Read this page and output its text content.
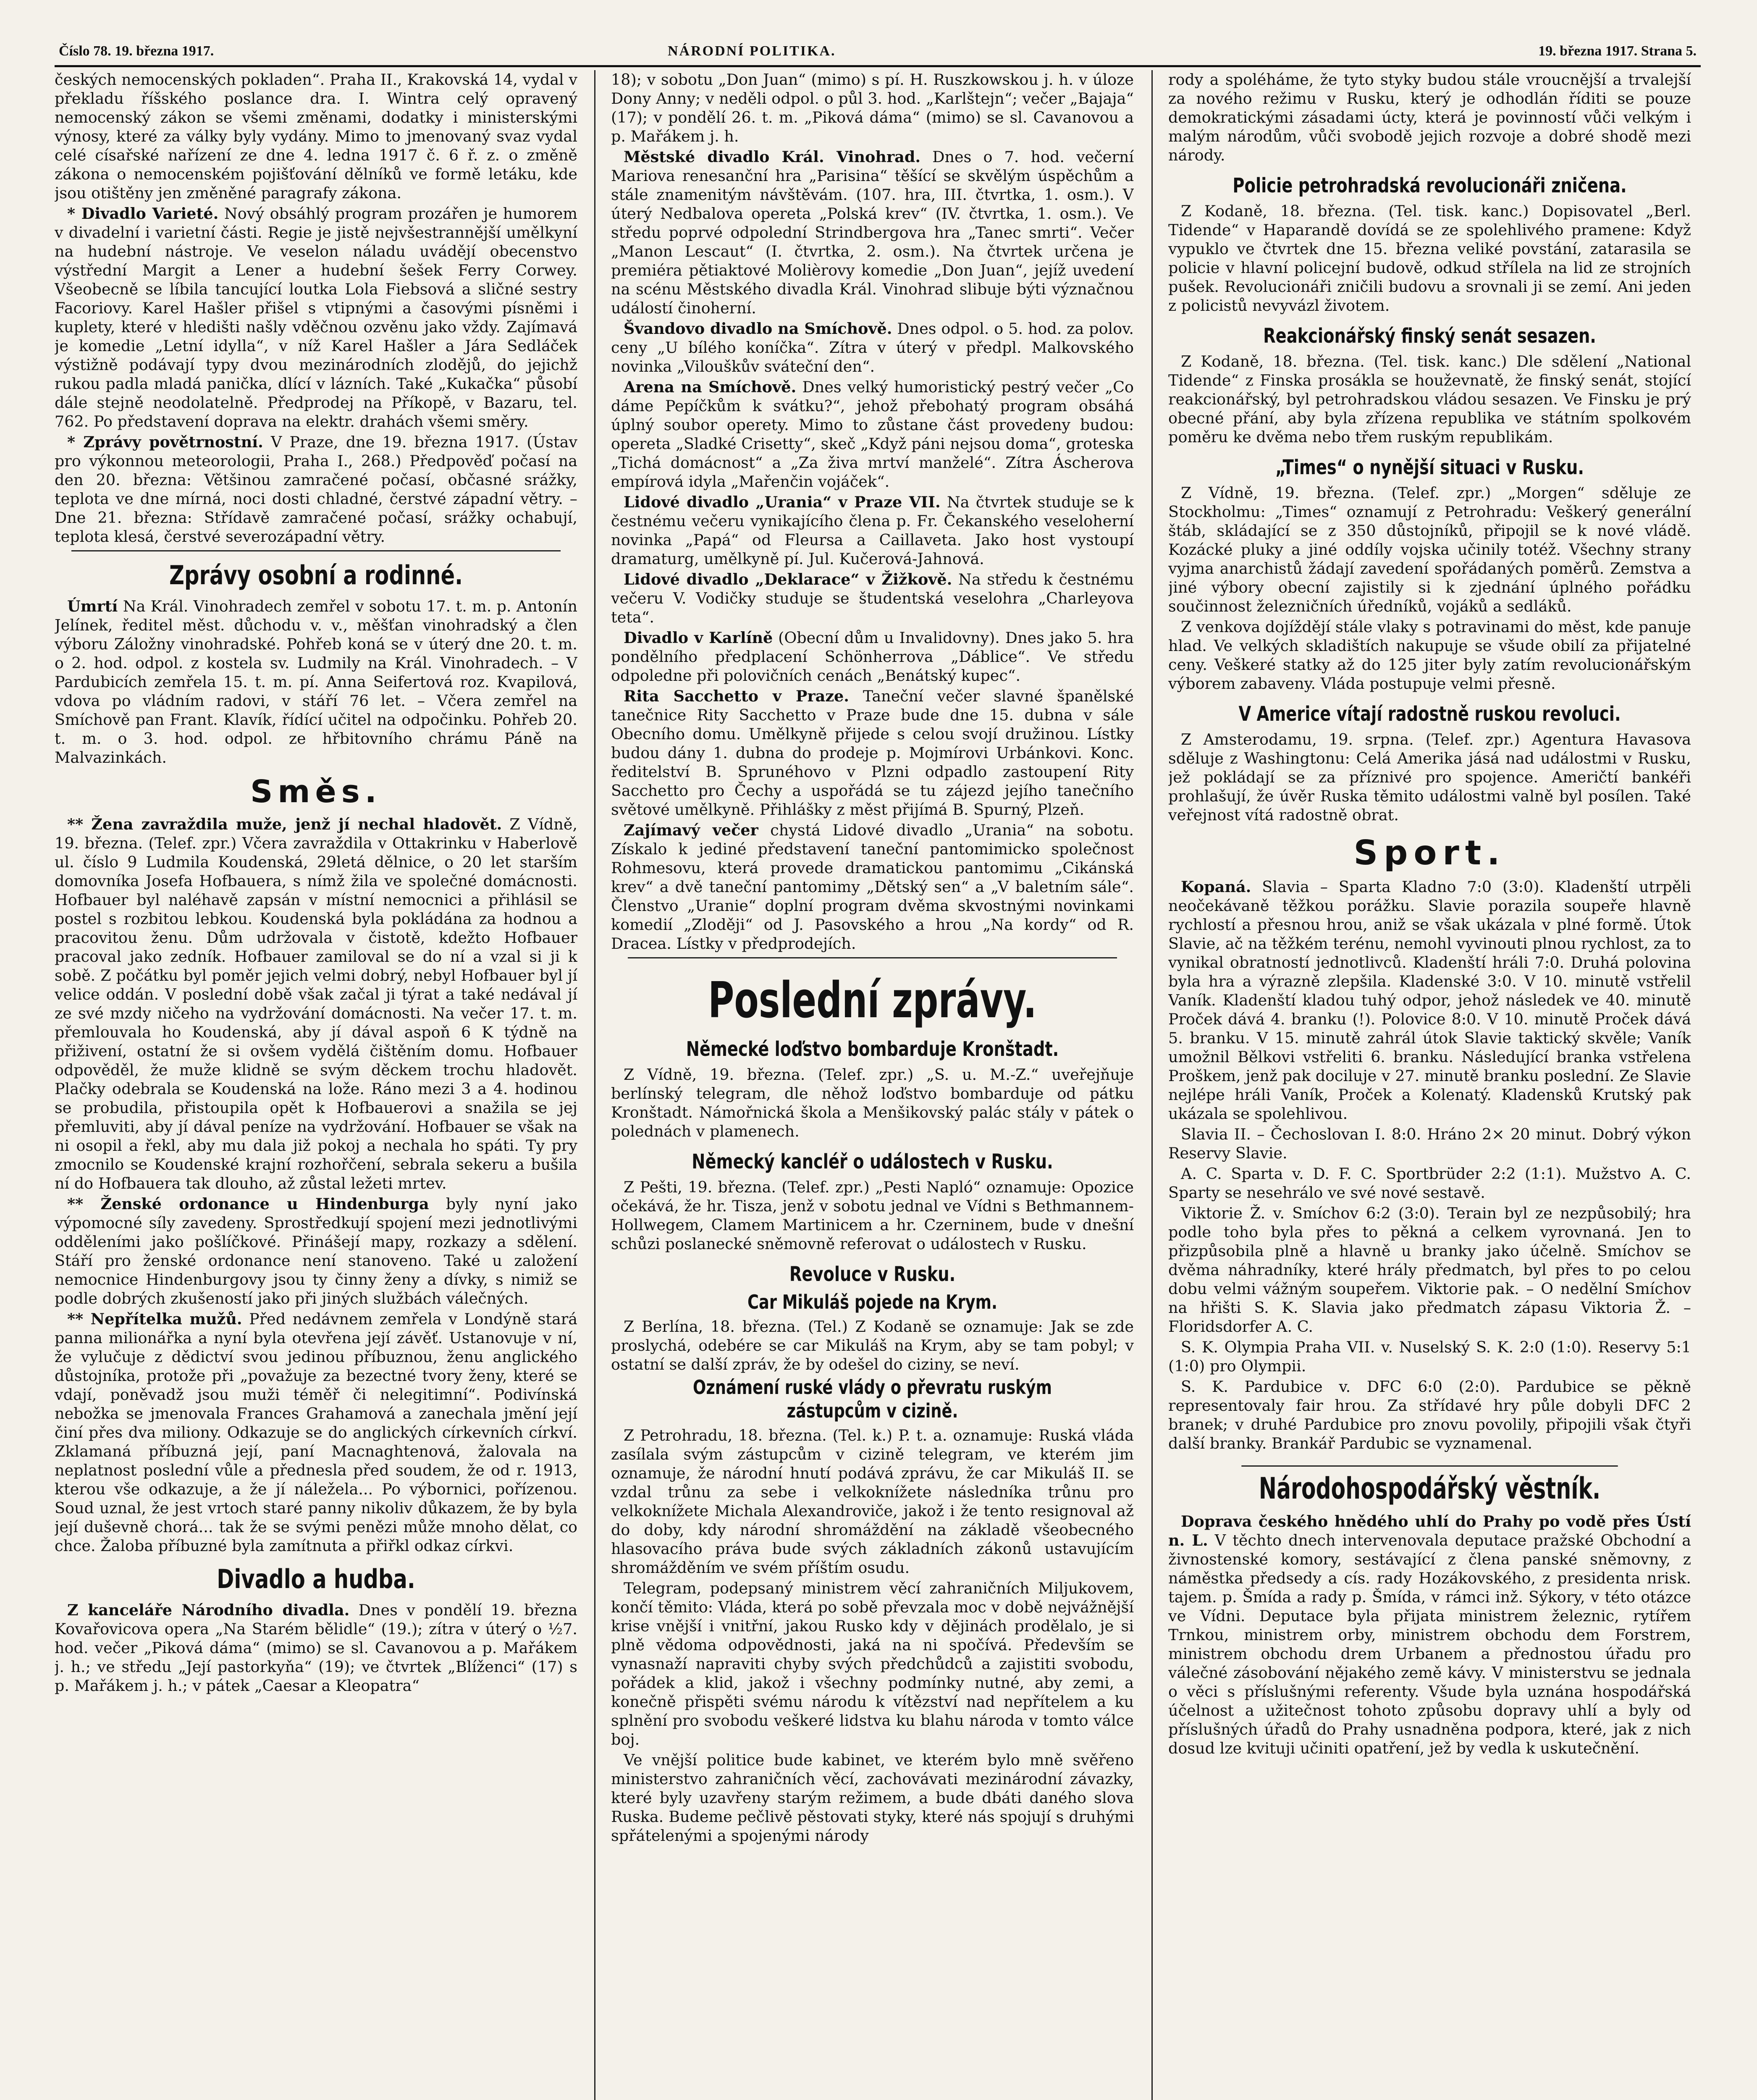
Číslo 78. 19. března 1917.	NÁRODNÍ POLITIKA.	19. března 1917. Strana 5.

českých nemocenských pokladen“. Praha II., Krakovská 14, vydal v překladu říšského poslance dra. I. Wintra celý opravený nemocenský zákon se všemi změnami, dodatky i ministerskými výnosy, které za války byly vydány. Mimo to jmenovaný svaz vydal celé císařské nařízení ze dne 4. ledna 1917 č. 6 ř. z. o změně zákona o nemocenském pojišťování dělníků ve formě letáku, kde jsou otištěny jen změněné paragrafy zákona.

* Divadlo Varieté. Nový obsáhlý program prozářen je humorem v divadelní i varietní části. Regie je jistě nejvšestrannější umělkyní na hudební nástroje. Ve veselon náladu uvádějí obecenstvo výstřední Margit a Lener a hudební šešek Ferry Corwey. Všeobecně se líbila tancující loutka Lola Fiebsová a sličné sestry Facoriovy. Karel Hašler přišel s vtipnými a časovými písněmi i kuplety, které v hledišti našly vděčnou ozvěnu jako vždy. Zajímavá je komedie „Letní idylla“, v níž Karel Hašler a Jára Sedláček výstižně podávají typy dvou mezinárodních zlodějů, do jejichž rukou padla mladá panička, dlící v lázních. Také „Kukačka“ působí dále stejně neodolatelně. Předprodej na Příkopě, v Bazaru, tel. 762. Po představení doprava na elektr. drahách všemi směry.

* Zprávy povětrnostní. V Praze, dne 19. března 1917. (Ústav pro výkonnou meteorologii, Praha I., 268.) Předpověď počasí na den 20. března: Většinou zamračené počasí, občasné srážky, teplota ve dne mírná, noci dosti chladné, čerstvé západní větry. – Dne 21. března: Střídavě zamračené počasí, srážky ochabují, teplota klesá, čerstvé severozápadní větry.

Zprávy osobní a rodinné.

Úmrtí Na Král. Vinohradech zemřel v sobotu 17. t. m. p. Antonín Jelínek, ředitel měst. důchodu v. v., měšťan vinohradský a člen výboru Záložny vinohradské. Pohřeb koná se v úterý dne 20. t. m. o 2. hod. odpol. z kostela sv. Ludmily na Král. Vinohradech. – V Pardubicích zemřela 15. t. m. pí. Anna Seifertová roz. Kvapilová, vdova po vládním radovi, v stáří 76 let. – Včera zemřel na Smíchově pan Frant. Klavík, řídící učitel na odpočinku. Pohřeb 20. t. m. o 3. hod. odpol. ze hřbitovního chrámu Páně na Malvazinkách.

Směs.

** Žena zavraždila muže, jenž jí nechal hladovět. Z Vídně, 19. března. (Telef. zpr.) Včera zavraždila v Ottakrinku v Haberlově ul. číslo 9 Ludmila Koudenská, 29letá dělnice, o 20 let starším domovníka Josefa Hofbauera, s nímž žila ve společné domácnosti. Hofbauer byl naléhavě zapsán v místní nemocnici a přihlásil se postel s rozbitou lebkou. Koudenská byla pokládána za hodnou a pracovitou ženu. Dům udržovala v čistotě, kdežto Hofbauer pracoval jako zedník. Hofbauer zamiloval se do ní a vzal si ji k sobě. Z počátku byl poměr jejich velmi dobrý, nebyl Hofbauer byl jí velice oddán. V poslední době však začal ji týrat a také nedával jí ze své mzdy ničeho na vydržování domácnosti. Na večer 17. t. m. přemlouvala ho Koudenská, aby jí dával aspoň 6 K týdně na přiživení, ostatní že si ovšem vydělá čištěním domu. Hofbauer odpověděl, že muže klidně se svým děckem trochu hladovět. Plačky odebrala se Koudenská na lože. Ráno mezi 3 a 4. hodinou se probudila, přistoupila opět k Hofbauerovi a snažila se jej přemluviti, aby jí dával peníze na vydržování. Hofbauer se však na ni osopil a řekl, aby mu dala již pokoj a nechala ho spáti. Ty pry zmocnilo se Koudenské krajní rozhořčení, sebrala sekeru a bušila ní do Hofbauera tak dlouho, až zůstal ležeti mrtev.

** Ženské ordonance u Hindenburga byly nyní jako výpomocné síly zavedeny. Sprostředkují spojení mezi jednotlivými odděleními jako pošlíčkové. Přinášejí mapy, rozkazy a sdělení. Stáří pro ženské ordonance není stanoveno. Také u založení nemocnice Hindenburgovy jsou ty činny ženy a dívky, s nimiž se podle dobrých zkušeností jako při jiných službách válečných.

** Nepřítelka mužů. Před nedávnem zemřela v Londýně stará panna milionářka a nyní byla otevřena její závěť. Ustanovuje v ní, že vylučuje z dědictví svou jedinou příbuznou, ženu anglického důstojníka, protože při „považuje za bezectné tvory ženy, které se vdají, poněvadž jsou muži téměř či nelegitimní“. Podivínská nebožka se jmenovala Frances Grahamová a zanechala jmění její činí přes dva miliony. Odkazuje se do anglických církevních církví. Zklamaná příbuzná její, paní Macnaghtenová, žalovala na neplatnost poslední vůle a přednesla před soudem, že od r. 1913, kterou vše odkazuje, a že jí náležela... Po výbornici, pořízenou. Soud uznal, že jest vrtoch staré panny nikoliv důkazem, že by byla její duševně chorá... tak že se svými penězi může mnoho dělat, co chce. Žaloba příbuzné byla zamítnuta a přiřkl odkaz církvi.

Divadlo a hudba.

Z kanceláře Národního divadla. Dnes v pondělí 19. března Kovařovicova opera „Na Starém bělidle“ (19.); zítra v úterý o ½7. hod. večer „Piková dáma“ (mimo) se sl. Cavanovou a p. Mařákem j. h.; ve středu „Její pastorkyňa“ (19); ve čtvrtek „Blíženci“ (17) s p. Mařákem j. h.; v pátek „Caesar a Kleopatra“

18); v sobotu „Don Juan“ (mimo) s pí. H. Ruszkowskou j. h. v úloze Dony Anny; v neděli odpol. o půl 3. hod. „Karlštejn“; večer „Bajaja“ (17); v pondělí 26. t. m. „Piková dáma“ (mimo) se sl. Cavanovou a p. Mařákem j. h.

Městské divadlo Král. Vinohrad. Dnes o 7. hod. večerní Mariova renesanční hra „Parisina“ těšící se skvělým úspěchům a stále znamenitým návštěvám. (107. hra, III. čtvrtka, 1. osm.). V úterý Nedbalova opereta „Polská krev“ (IV. čtvrtka, 1. osm.). Ve středu poprvé odpolední Strindbergova hra „Tanec smrti“. Večer „Manon Lescaut“ (I. čtvrtka, 2. osm.). Na čtvrtek určena je premiéra pětiaktové Molièrovy komedie „Don Juan“, jejíž uvedení na scénu Městského divadla Král. Vinohrad slibuje býti význačnou událostí činoherní.

Švandovo divadlo na Smíchově. Dnes odpol. o 5. hod. za polov. ceny „U bílého koníčka“. Zítra v úterý v předpl. Malkovského novinka „Vilouškův sváteční den“.

Arena na Smíchově. Dnes velký humoristický pestrý večer „Co dáme Pepíčkům k svátku?“, jehož přebohatý program obsáhá úplný soubor operety. Mimo to zůstane část provedeny budou: opereta „Sladké Crisetty“, skeč „Když páni nejsou doma“, groteska „Tichá domácnost“ a „Za živa mrtví manželé“. Zítra Áscherova empírová idyla „Mařenčin vojáček“.

Lidové divadlo „Urania“ v Praze VII. Na čtvrtek studuje se k čestnému večeru vynikajícího člena p. Fr. Čekanského veseloherní novinka „Papá“ od Fleursa a Caillaveta. Jako host vystoupí dramaturg, umělkyně pí. Jul. Kučerová-Jahnová.

Lidové divadlo „Deklarace“ v Žižkově. Na středu k čestnému večeru V. Vodičky studuje se študentská veselohra „Charleyova teta“.

Divadlo v Karlíně (Obecní dům u Invalidovny). Dnes jako 5. hra pondělního předplacení Schönherrova „Dáblice“. Ve středu odpoledne při polovičních cenách „Benátský kupec“.

Rita Sacchetto v Praze. Taneční večer slavné španělské tanečnice Rity Sacchetto v Praze bude dne 15. dubna v sále Obecního domu. Umělkyně přijede s celou svojí družinou. Lístky budou dány 1. dubna do prodeje p. Mojmírovi Urbánkovi. Konc. ředitelství B. Sprunéhovo v Plzni odpadlo zastoupení Rity Sacchetto pro Čechy a uspořádá se tu zájezd jejího tanečního světové umělkyně. Přihlášky z měst přijímá B. Spurný, Plzeň.

Zajímavý večer chystá Lidové divadlo „Urania“ na sobotu. Získalo k jediné představení taneční pantomimicko společnost Rohmesovu, která provede dramatickou pantomimu „Cikánská krev“ a dvě taneční pantomimy „Dětský sen“ a „V baletním sále“. Členstvo „Uranie“ doplní program dvěma skvostnými novinkami komedií „Zloději“ od J. Pasovského a hrou „Na kordy“ od R. Dracea. Lístky v předprodejích.

Poslední zprávy.
Německé loďstvo bombarduje Kronštadt.

Z Vídně, 19. března. (Telef. zpr.) „S. u. M.-Z.“ uveřejňuje berlínský telegram, dle něhož loďstvo bombarduje od pátku Kronštadt. Námořnická škola a Menšikovský palác stály v pátek o polednách v plamenech.

Německý kancléř o událostech v Rusku.

Z Pešti, 19. března. (Telef. zpr.) „Pesti Napló“ oznamuje: Opozice očekává, že hr. Tisza, jenž v sobotu jednal ve Vídni s Bethmannem-Hollwegem, Clamem Martinicem a hr. Czerninem, bude v dnešní schůzi poslanecké sněmovně referovat o událostech v Rusku.

Revoluce v Rusku.
Car Mikuláš pojede na Krym.

Z Berlína, 18. března. (Tel.) Z Kodaně se oznamuje: Jak se zde proslychá, odebére se car Mikuláš na Krym, aby se tam pobyl; v ostatní se další zpráv, že by odešel do ciziny, se neví.

Oznámení ruské vlády o převratu ruským zástupcům v cizině.

Z Petrohradu, 18. března. (Tel. k.) P. t. a. oznamuje: Ruská vláda zasílala svým zástupcům v cizině telegram, ve kterém jim oznamuje, že národní hnutí podává zprávu, že car Mikuláš II. se vzdal trůnu za sebe i velkoknížete následníka trůnu pro velkoknížete Michala Alexandroviče, jakož i že tento resignoval až do doby, kdy národní shromáždění na základě všeobecného hlasovacího práva bude svých základních zákonů ustavujícím shromážděním ve svém příštím osudu.

Telegram, podepsaný ministrem věcí zahraničních Miljukovem, končí těmito: Vláda, která po sobě převzala moc v době nejvážnější krise vnější i vnitřní, jakou Rusko kdy v dějinách prodělalo, je si plně vědoma odpovědnosti, jaká na ni spočívá. Především se vynasnaží napraviti chyby svých předchůdců a zajistiti svobodu, pořádek a klid, jakož i všechny podmínky nutné, aby zemi, a konečně přispěti svému národu k vítězství nad nepřítelem a ku splnění pro svobodu veškeré lidstva ku blahu národa v tomto válce boj.

Ve vnější politice bude kabinet, ve kterém bylo mně svěřeno ministerstvo zahraničních věcí, zachovávati mezinárodní závazky, které byly uzavřeny starým režimem, a bude dbáti daného slova Ruska. Budeme pečlivě pěstovati styky, které nás spojují s druhými spřátelenými a spojenými národy

rody a spoléháme, že tyto styky budou stále vroucnější a trvalejší za nového režimu v Rusku, který je odhodlán říditi se pouze demokratickými zásadami úcty, která je povinností vůči velkým i malým národům, vůči svobodě jejich rozvoje a dobré shodě mezi národy.

Policie petrohradská revolucionáři zničena.

Z Kodaně, 18. března. (Tel. tisk. kanc.) Dopisovatel „Berl. Tidende“ v Haparandě dovídá se ze spolehlivého pramene: Když vypuklo ve čtvrtek dne 15. března veliké povstání, zatarasila se policie v hlavní policejní budově, odkud střílela na lid ze strojních pušek. Revolucionáři zničili budovu a srovnali ji se zemí. Ani jeden z policistů nevyvázl životem.

Reakcionářský finský senát sesazen.

Z Kodaně, 18. března. (Tel. tisk. kanc.) Dle sdělení „National Tidende“ z Finska prosákla se houževnatě, že finský senát, stojící reakcionářský, byl petrohradskou vládou sesazen. Ve Finsku je prý obecné přání, aby byla zřízena republika ve státním spolkovém poměru ke dvěma nebo třem ruským republikám.

„Times“ o nynější situaci v Rusku.

Z Vídně, 19. března. (Telef. zpr.) „Morgen“ sděluje ze Stockholmu: „Times“ oznamují z Petrohradu: Veškerý generální štáb, skládající se z 350 důstojníků, připojil se k nové vládě. Kozácké pluky a jiné oddíly vojska učinily totéž. Všechny strany vyjma anarchistů žádají zavedení spořádaných poměrů. Zemstva a jiné výbory obecní zajistily si k zjednání úplného pořádku součinnost železničních úředníků, vojáků a sedláků.

Z venkova dojíždějí stále vlaky s potravinami do měst, kde panuje hlad. Ve velkých skladištích nakupuje se všude obilí za přijatelné ceny. Veškeré statky až do 125 jiter byly zatím revolucionářským výborem zabaveny. Vláda postupuje velmi přesně.

V Americe vítají radostně ruskou revoluci.

Z Amsterodamu, 19. srpna. (Telef. zpr.) Agentura Havasova sděluje z Washingtonu: Celá Amerika jásá nad událostmi v Rusku, jež pokládají se za příznivé pro spojence. Američtí bankéři prohlašují, že úvěr Ruska těmito událostmi valně byl posílen. Také veřejnost vítá radostně obrat.

Sport.

Kopaná. Slavia – Sparta Kladno 7:0 (3:0). Kladenští utrpěli neočekávaně těžkou porážku. Slavie porazila soupeře hlavně rychlostí a přesnou hrou, aniž se však ukázala v plné formě. Útok Slavie, ač na těžkém terénu, nemohl vyvinouti plnou rychlost, za to vynikal obratností jednotlivců. Kladenští hráli 7:0. Druhá polovina byla hra a výrazně zlepšila. Kladenské 3:0. V 10. minutě vstřelil Vaník. Kladenští kladou tuhý odpor, jehož následek ve 40. minutě Proček dává 4. branku (!). Polovice 8:0. V 10. minutě Proček dává 5. branku. V 15. minutě zahrál útok Slavie taktický skvěle; Vaník umožnil Bělkovi vstřeliti 6. branku. Následující branka vstřelena Proškem, jenž pak dociluje v 27. minutě branku poslední. Ze Slavie nejlépe hráli Vaník, Proček a Kolenatý. Kladensků Krutský pak ukázala se spolehlivou.

Slavia II. – Čechoslovan I. 8:0. Hráno 2× 20 minut. Dobrý výkon Reservy Slavie.

A. C. Sparta v. D. F. C. Sportbrüder 2:2 (1:1). Mužstvo A. C. Sparty se nesehrálo ve své nové sestavě.

Viktorie Ž. v. Smíchov 6:2 (3:0). Terain byl ze nezpůsobilý; hra podle toho byla přes to pěkná a celkem vyrovnaná. Jen to přizpůsobila plně a hlavně u branky jako účelně. Smíchov se dvěma náhradníky, které hrály předmatch, byl přes to po celou dobu velmi vážným soupeřem. Viktorie pak. – O nedělní Smíchov na hřišti S. K. Slavia jako předmatch zápasu Viktoria Ž. – Floridsdorfer A. C.

S. K. Olympia Praha VII. v. Nuselský S. K. 2:0 (1:0). Reservy 5:1 (1:0) pro Olympii.

S. K. Pardubice v. DFC 6:0 (2:0). Pardubice se pěkně representovaly fair hrou. Za střídavé hry půle dobyli DFC 2 branek; v druhé Pardubice pro znovu povolily, připojili však čtyři další branky. Brankář Pardubic se vyznamenal.

Národohospodářský věstník.

Doprava českého hnědého uhlí do Prahy po vodě přes Ústí n. L. V těchto dnech intervenovala deputace pražské Obchodní a živnostenské komory, sestávající z člena panské sněmovny, z náměstka předsedy a cís. rady Hozákovského, z presidenta nrisk. tajem. p. Šmída a rady p. Šmída, v rámci inž. Sýkory, v této otázce ve Vídni. Deputace byla přijata ministrem železnic, rytířem Trnkou, ministrem orby, ministrem obchodu dem Forstrem, ministrem obchodu drem Urbanem a přednostou úřadu pro válečné zásobování nějakého země kávy. V ministerstvu se jednala o věci s příslušnými referenty. Všude byla uznána hospodářská účelnost a užitečnost tohoto způsobu dopravy uhlí a byly od příslušných úřadů do Prahy usnadněna podpora, které, jak z nich dosud lze kvituji učiniti opatření, jež by vedla k uskutečnění.
